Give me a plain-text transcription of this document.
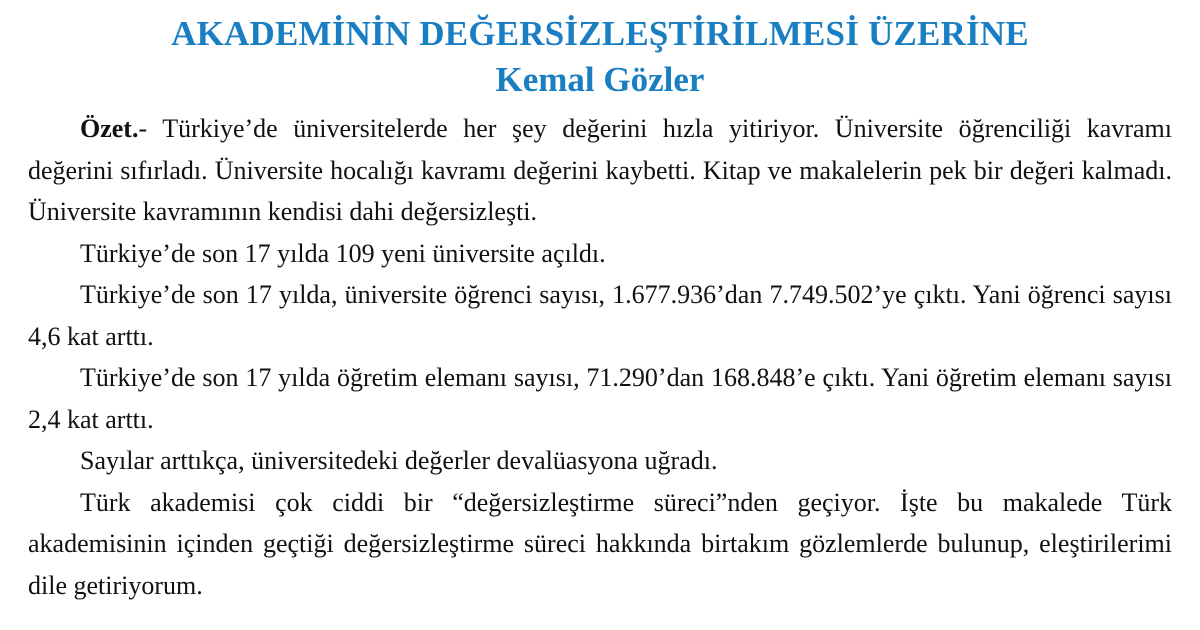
AKADEMİNİN DEĞERSİZLEŞTİRİLMESİ ÜZERİNE
Kemal Gözler

Özet.- Türkiye’de üniversitelerde her şey değerini hızla yitiriyor. Üniversite öğrenciliği kavramı değerini sıfırladı. Üniversite hocalığı kavramı değerini kaybetti. Kitap ve makalelerin pek bir değeri kalmadı. Üniversite kavramının kendisi dahi değersizleşti.

Türkiye’de son 17 yılda 109 yeni üniversite açıldı.

Türkiye’de son 17 yılda, üniversite öğrenci sayısı, 1.677.936’dan 7.749.502’ye çıktı. Yani öğrenci sayısı 4,6 kat arttı.

Türkiye’de son 17 yılda öğretim elemanı sayısı, 71.290’dan 168.848’e çıktı. Yani öğretim elemanı sayısı 2,4 kat arttı.

Sayılar arttıkça, üniversitedeki değerler devalüasyona uğradı.

Türk akademisi çok ciddi bir “değersizleştirme süreci”nden geçiyor. İşte bu makalede Türk akademisinin içinden geçtiği değersizleştirme süreci hakkında birtakım gözlemlerde bulunup, eleştirilerimi dile getiriyorum.
